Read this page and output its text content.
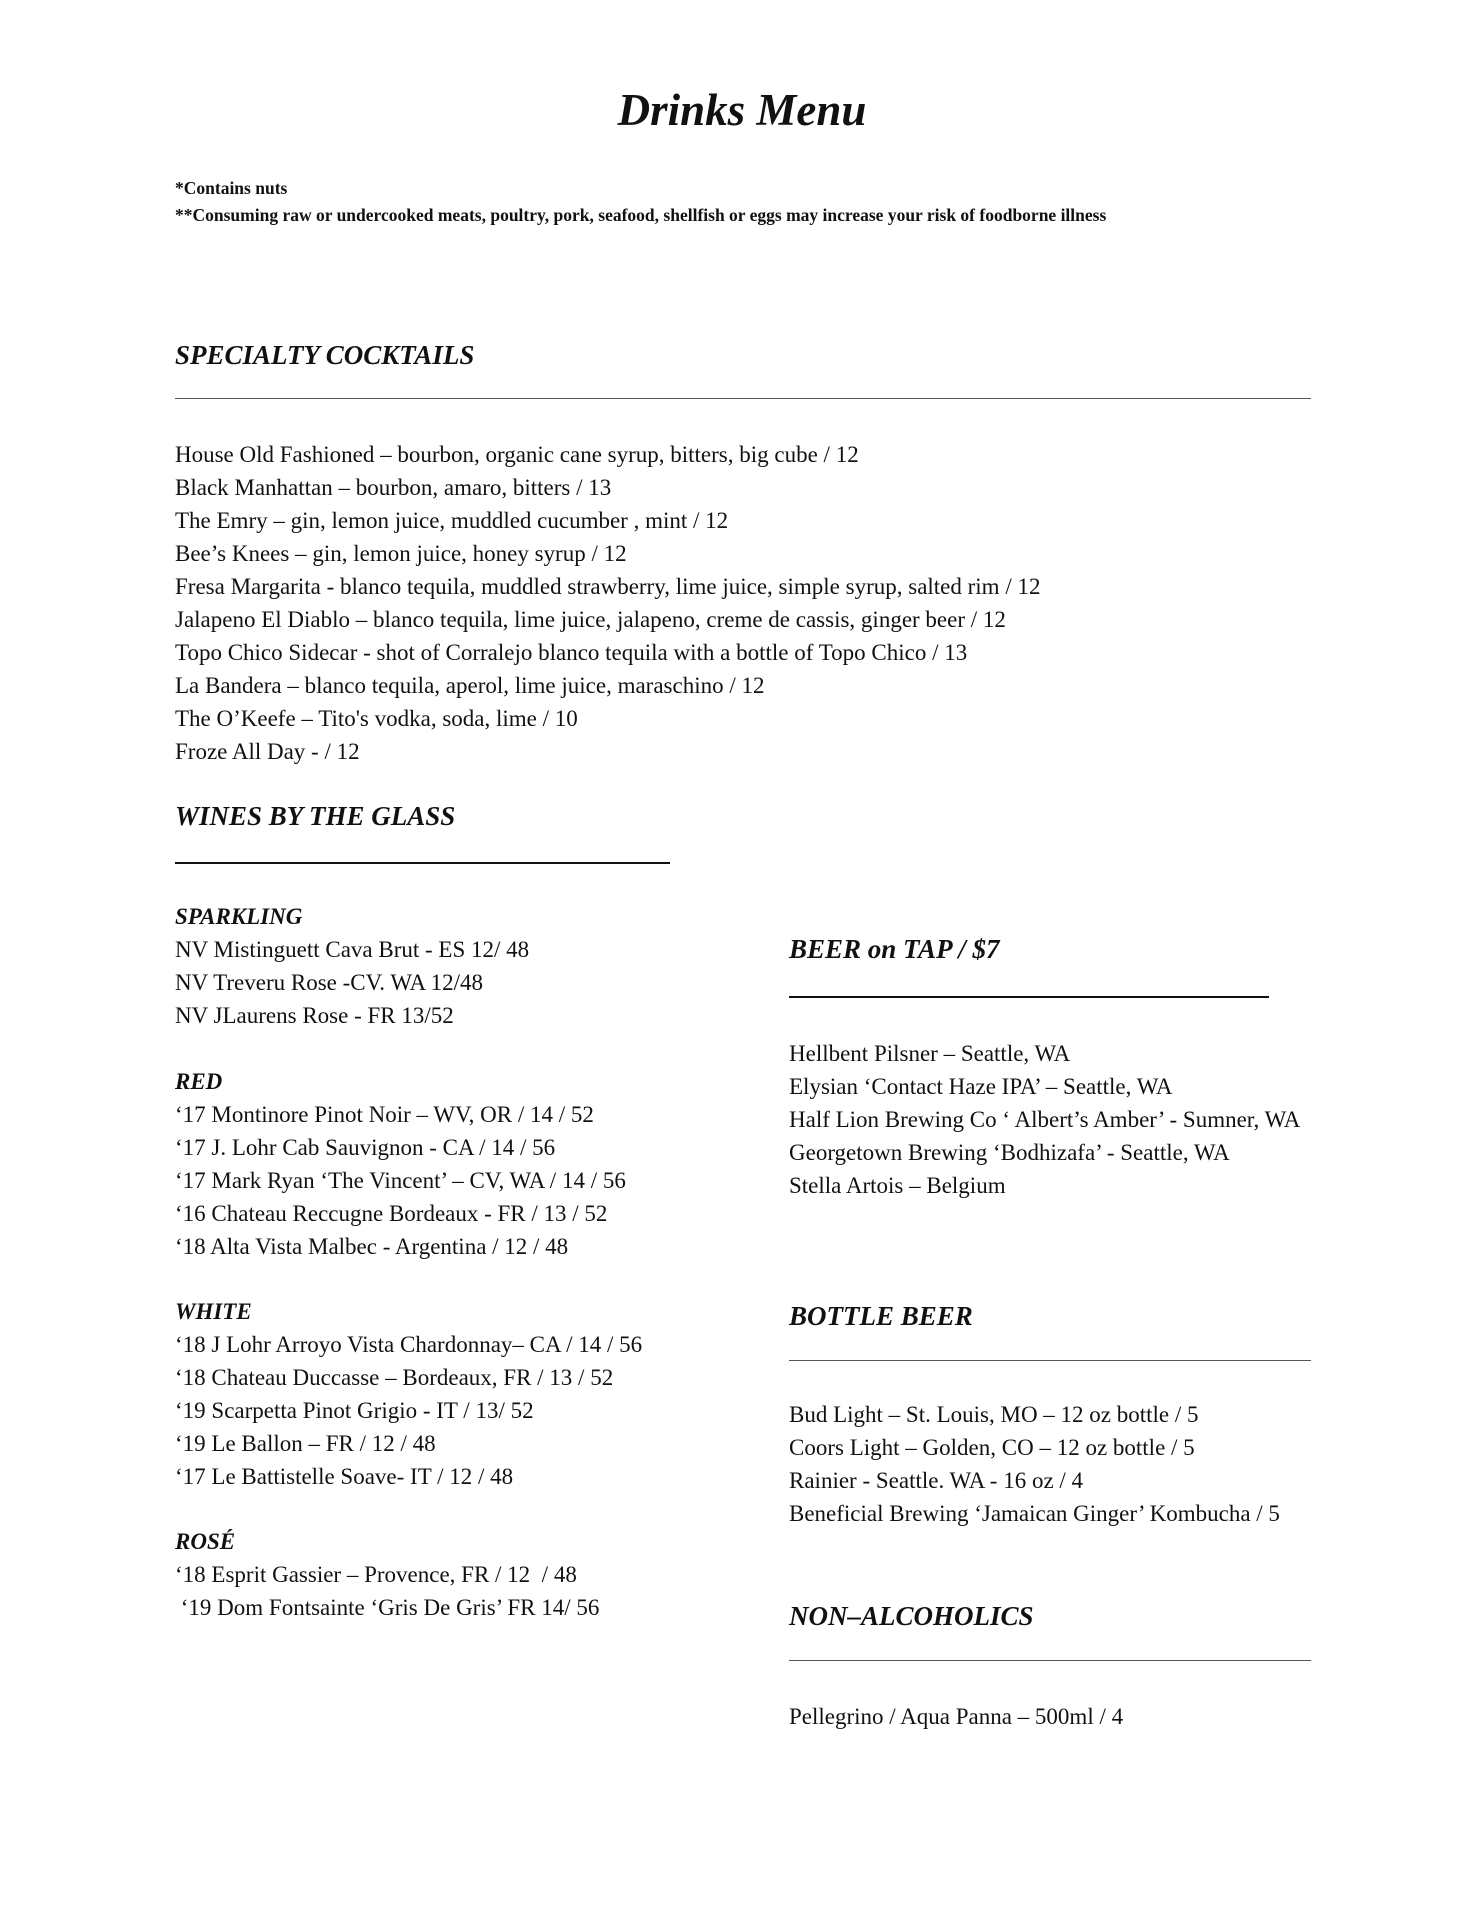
Drinks Menu
*Contains nuts
**Consuming raw or undercooked meats, poultry, pork, seafood, shellfish or eggs may increase your risk of foodborne illness
SPECIALTY COCKTAILS
House Old Fashioned – bourbon, organic cane syrup, bitters, big cube / 12
Black Manhattan – bourbon, amaro, bitters / 13
The Emry – gin, lemon juice, muddled cucumber , mint / 12
Bee’s Knees – gin, lemon juice, honey syrup / 12
Fresa Margarita - blanco tequila, muddled strawberry, lime juice, simple syrup, salted rim / 12
Jalapeno El Diablo – blanco tequila, lime juice, jalapeno, creme de cassis, ginger beer / 12
Topo Chico Sidecar - shot of Corralejo blanco tequila with a bottle of Topo Chico / 13
La Bandera – blanco tequila, aperol, lime juice, maraschino / 12
The O’Keefe – Tito's vodka, soda, lime / 10
Froze All Day - / 12
WINES BY THE GLASS
SPARKLING
NV Mistinguett Cava Brut - ES 12/ 48
NV Treveru Rose -CV. WA 12/48
NV JLaurens Rose - FR 13/52
RED
‘17 Montinore Pinot Noir – WV, OR / 14 / 52
‘17 J. Lohr Cab Sauvignon - CA / 14 / 56
‘17 Mark Ryan ‘The Vincent’ – CV, WA / 14 / 56
‘16 Chateau Reccugne Bordeaux - FR / 13 / 52
‘18 Alta Vista Malbec - Argentina / 12 / 48
WHITE
‘18 J Lohr Arroyo Vista Chardonnay– CA / 14 / 56
‘18 Chateau Duccasse – Bordeaux, FR / 13 / 52
‘19 Scarpetta Pinot Grigio - IT / 13/ 52
‘19 Le Ballon – FR / 12 / 48
‘17 Le Battistelle Soave- IT / 12 / 48
ROSÉ
‘18 Esprit Gassier – Provence, FR / 12  / 48
‘19 Dom Fontsainte ‘Gris De Gris’ FR 14/ 56
BEER on TAP / $7
Hellbent Pilsner – Seattle, WA
Elysian ‘Contact Haze IPA’ – Seattle, WA
Half Lion Brewing Co ‘ Albert’s Amber’ - Sumner, WA
Georgetown Brewing ‘Bodhizafa’ - Seattle, WA
Stella Artois – Belgium
BOTTLE BEER
Bud Light – St. Louis, MO – 12 oz bottle / 5
Coors Light – Golden, CO – 12 oz bottle / 5
Rainier - Seattle. WA - 16 oz / 4
Beneficial Brewing ‘Jamaican Ginger’ Kombucha / 5
NON–ALCOHOLICS
Pellegrino / Aqua Panna – 500ml / 4
